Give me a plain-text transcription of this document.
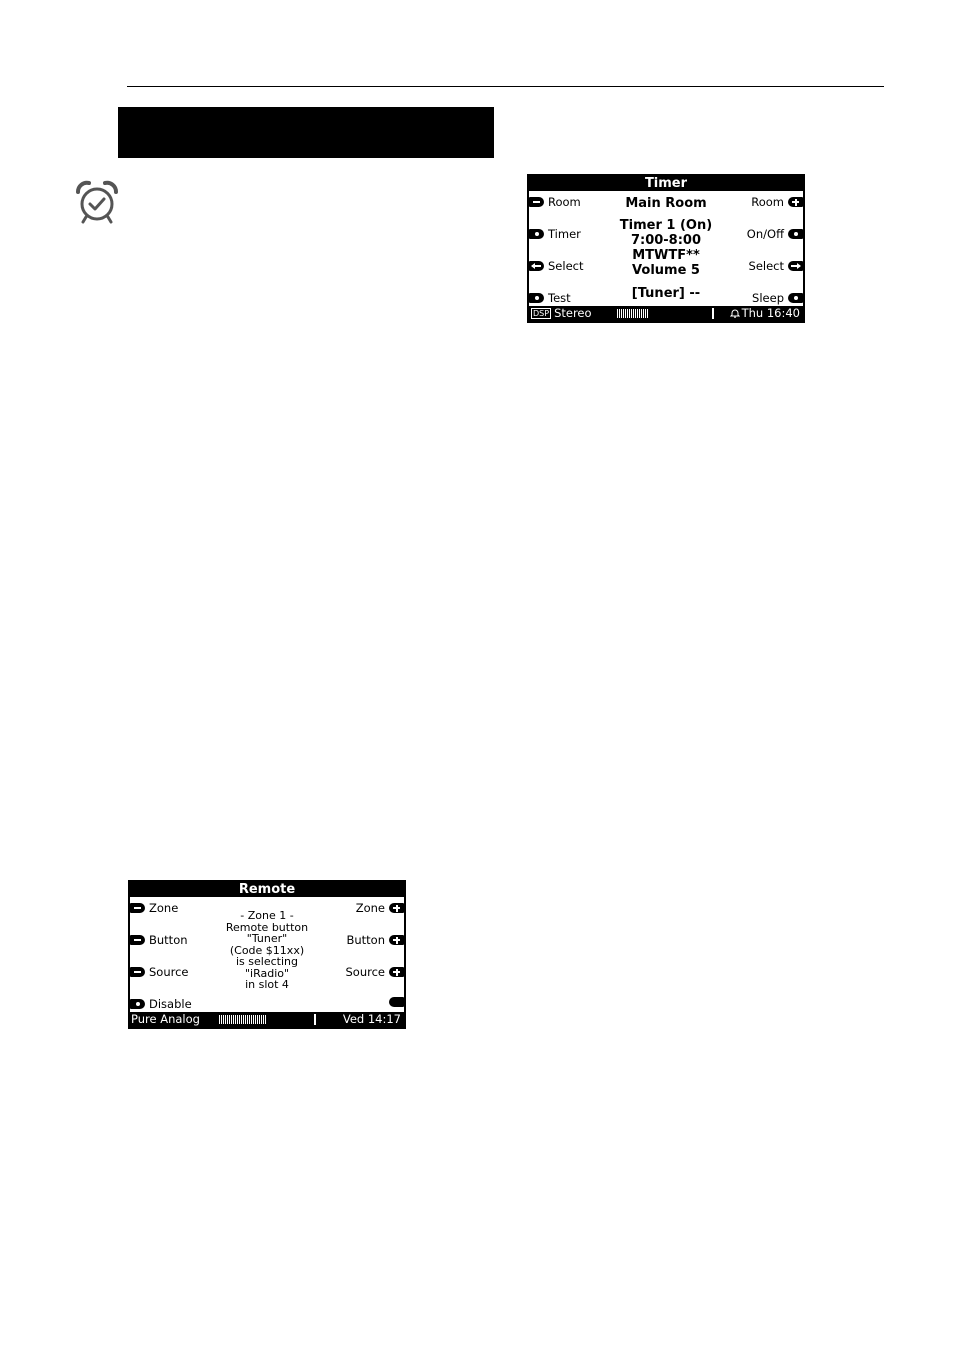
Timer
Room
Timer
Select
Test
Room
On/Off
Select
Sleep
Main Room
Timer 1 (On)
7:00-8:00
MTWTF**
Volume 5
[Tuner] --
DSP Stereo	Thu 16:40
Remote
Zone
Button
Source
Disable
Zone
Button
Source
- Zone 1 -
Remote button
"Tuner"
(Code $11xx)
is selecting
"iRadio"
in slot 4
Pure Analog	Ved 14:17
